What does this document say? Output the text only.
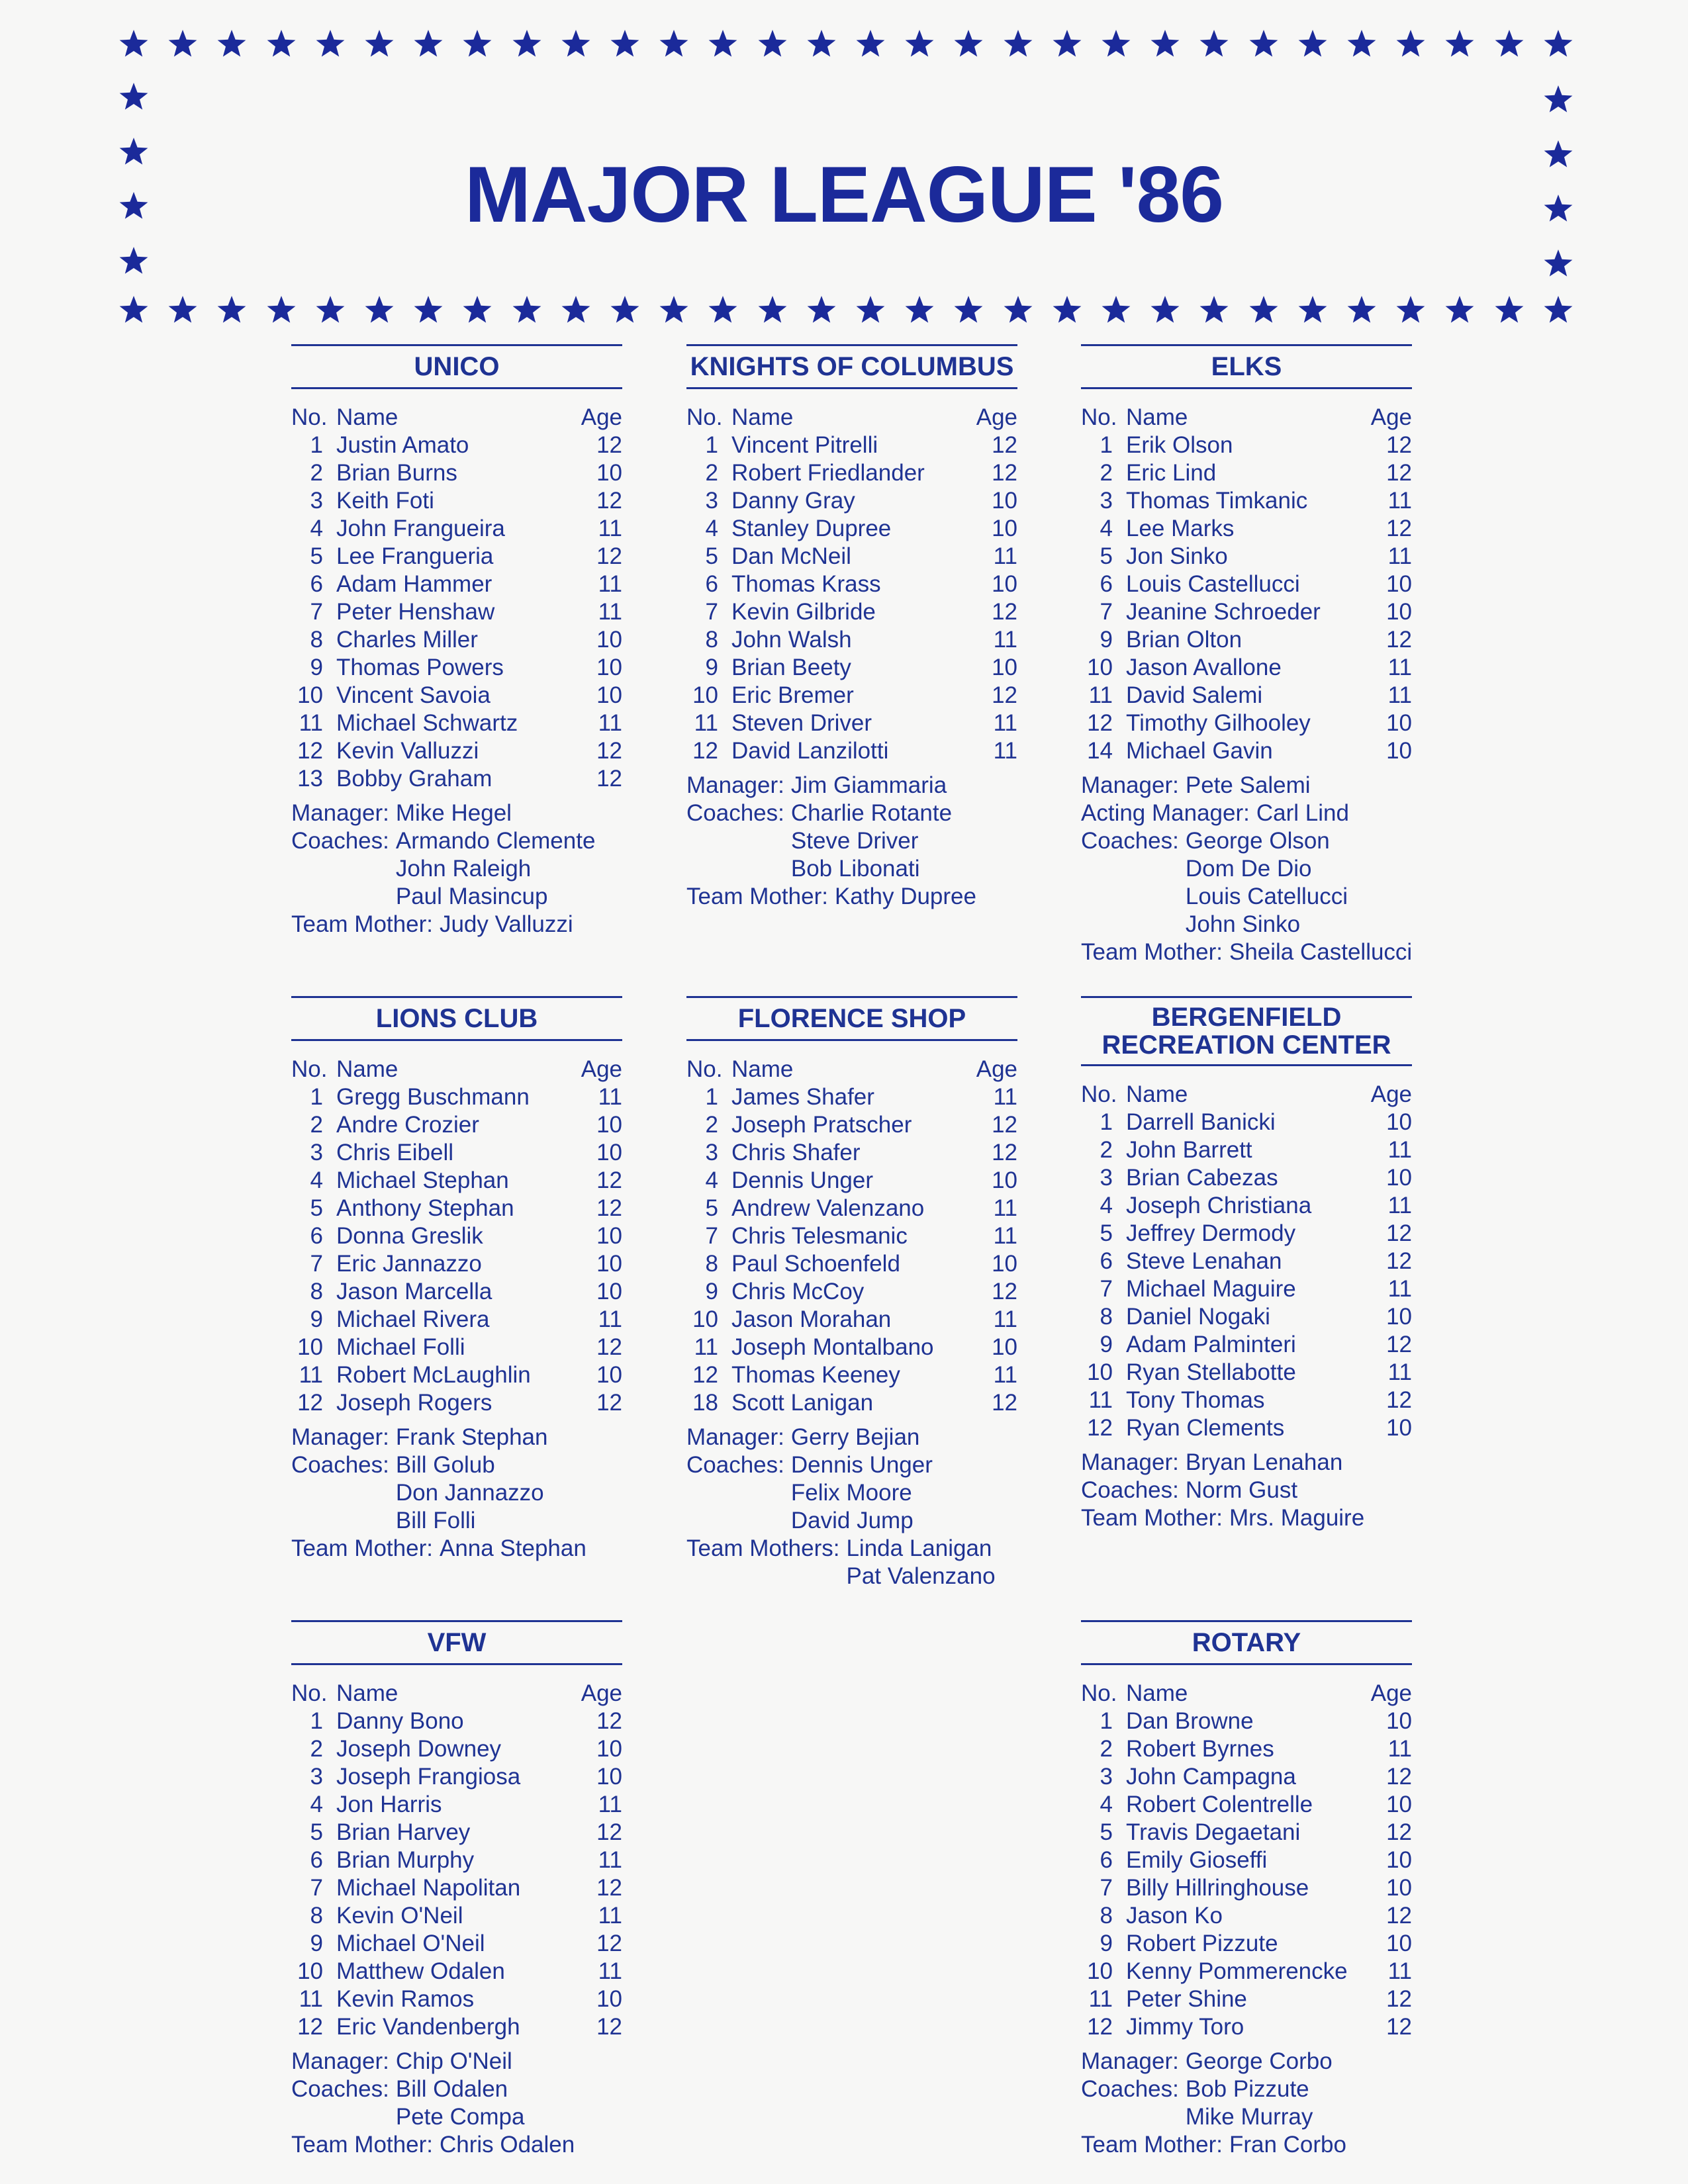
MAJOR LEAGUE '86
UNICO
No. Name	Age
1 Justin Amato	12
2 Brian Burns	10
3 Keith Foti	12
4 John Frangueira	11
5 Lee Frangueria	12
6 Adam Hammer	11
7 Peter Henshaw	11
8 Charles Miller	10
9 Thomas Powers	10
10 Vincent Savoia	10
11 Michael Schwartz	11
12 Kevin Valluzzi	12
13 Bobby Graham	12
Manager: Mike Hegel
Coaches: Armando Clemente
John Raleigh
Paul Masincup
Team Mother: Judy Valluzzi
KNIGHTS OF COLUMBUS
No. Name	Age
1 Vincent Pitrelli	12
2 Robert Friedlander	12
3 Danny Gray	10
4 Stanley Dupree	10
5 Dan McNeil	11
6 Thomas Krass	10
7 Kevin Gilbride	12
8 John Walsh	11
9 Brian Beety	10
10 Eric Bremer	12
11 Steven Driver	11
12 David Lanzilotti	11
Manager: Jim Giammaria
Coaches: Charlie Rotante
Steve Driver
Bob Libonati
Team Mother: Kathy Dupree
ELKS
No. Name	Age
1 Erik Olson	12
2 Eric Lind	12
3 Thomas Timkanic	11
4 Lee Marks	12
5 Jon Sinko	11
6 Louis Castellucci	10
7 Jeanine Schroeder	10
9 Brian Olton	12
10 Jason Avallone	11
11 David Salemi	11
12 Timothy Gilhooley	10
14 Michael Gavin	10
Manager: Pete Salemi
Acting Manager: Carl Lind
Coaches: George Olson
Dom De Dio
Louis Catellucci
John Sinko
Team Mother: Sheila Castellucci
LIONS CLUB
No. Name	Age
1 Gregg Buschmann	11
2 Andre Crozier	10
3 Chris Eibell	10
4 Michael Stephan	12
5 Anthony Stephan	12
6 Donna Greslik	10
7 Eric Jannazzo	10
8 Jason Marcella	10
9 Michael Rivera	11
10 Michael Folli	12
11 Robert McLaughlin	10
12 Joseph Rogers	12
Manager: Frank Stephan
Coaches: Bill Golub
Don Jannazzo
Bill Folli
Team Mother: Anna Stephan
FLORENCE SHOP
No. Name	Age
1 James Shafer	11
2 Joseph Pratscher	12
3 Chris Shafer	12
4 Dennis Unger	10
5 Andrew Valenzano	11
7 Chris Telesmanic	11
8 Paul Schoenfeld	10
9 Chris McCoy	12
10 Jason Morahan	11
11 Joseph Montalbano	10
12 Thomas Keeney	11
18 Scott Lanigan	12
Manager: Gerry Bejian
Coaches: Dennis Unger
Felix Moore
David Jump
Team Mothers: Linda Lanigan
Pat Valenzano
BERGENFIELD
RECREATION CENTER
No. Name	Age
1 Darrell Banicki	10
2 John Barrett	11
3 Brian Cabezas	10
4 Joseph Christiana	11
5 Jeffrey Dermody	12
6 Steve Lenahan	12
7 Michael Maguire	11
8 Daniel Nogaki	10
9 Adam Palminteri	12
10 Ryan Stellabotte	11
11 Tony Thomas	12
12 Ryan Clements	10
Manager: Bryan Lenahan
Coaches: Norm Gust
Team Mother: Mrs. Maguire
VFW
No. Name	Age
1 Danny Bono	12
2 Joseph Downey	10
3 Joseph Frangiosa	10
4 Jon Harris	11
5 Brian Harvey	12
6 Brian Murphy	11
7 Michael Napolitan	12
8 Kevin O'Neil	11
9 Michael O'Neil	12
10 Matthew Odalen	11
11 Kevin Ramos	10
12 Eric Vandenbergh	12
Manager: Chip O'Neil
Coaches: Bill Odalen
Pete Compa
Team Mother: Chris Odalen
ROTARY
No. Name	Age
1 Dan Browne	10
2 Robert Byrnes	11
3 John Campagna	12
4 Robert Colentrelle	10
5 Travis Degaetani	12
6 Emily Gioseffi	10
7 Billy Hillringhouse	10
8 Jason Ko	12
9 Robert Pizzute	10
10 Kenny Pommerencke	11
11 Peter Shine	12
12 Jimmy Toro	12
Manager: George Corbo
Coaches: Bob Pizzute
Mike Murray
Team Mother: Fran Corbo
